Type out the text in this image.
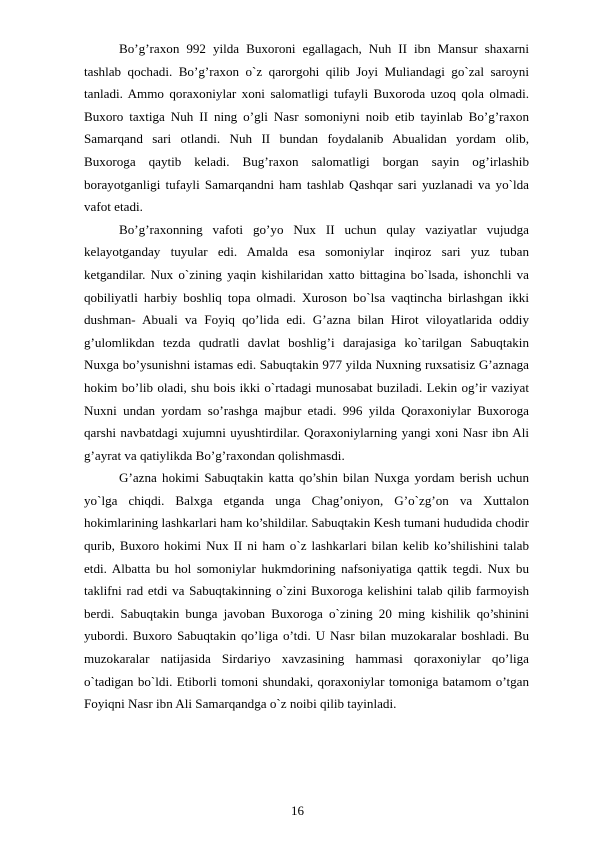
Bo’g’raxon 992 yilda Buxoroni egallagach, Nuh II ibn Mansur shaxarni tashlab qochadi. Bo’g’raxon o`z qarorgohi qilib Joyi Muliandagi go`zal saroyni tanladi. Ammo qoraxoniylar xoni salomatligi tufayli Buxoroda uzoq qola olmadi. Buxoro taxtiga Nuh II ning o’gli Nasr somoniyni noib etib tayinlab Bo’g’raxon Samarqand sari otlandi. Nuh II bundan foydalanib Abualidan yordam olib, Buxoroga qaytib keladi. Bug’raxon salomatligi borgan sayin og’irlashib borayotganligi tufayli Samarqandni ham tashlab Qashqar sari yuzlanadi va yo`lda vafot etadi.

Bo’g’raxonning vafoti go’yo Nux II uchun qulay vaziyatlar vujudga kelayotganday tuyular edi. Amalda esa somoniylar inqiroz sari yuz tuban ketgandilar. Nux o`zining yaqin kishilaridan xatto bittagina bo`lsada, ishonchli va qobiliyatli harbiy boshliq topa olmadi. Xuroson bo`lsa vaqtincha birlashgan ikki dushman- Abuali va Foyiq qo’lida edi. G’azna bilan Hirot viloyatlarida oddiy g’ulomlikdan tezda qudratli davlat boshlig’i darajasiga ko`tarilgan Sabuqtakin Nuxga bo’ysunishni istamas edi. Sabuqtakin 977 yilda Nuxning ruxsatisiz G’aznaga hokim bo’lib oladi, shu bois ikki o`rtadagi munosabat buziladi. Lekin og’ir vaziyat Nuxni undan yordam so’rashga majbur etadi. 996 yilda Qoraxoniylar Buxoroga qarshi navbatdagi xujumni uyushtirdilar. Qoraxoniylarning yangi xoni Nasr ibn Ali g’ayrat va qatiylikda Bo’g’raxondan qolishmasdi.

G’azna hokimi Sabuqtakin katta qo’shin bilan Nuxga yordam berish uchun yo`lga chiqdi. Balxga etganda unga Chag’oniyon, G’o`zg’on va Xuttalon hokimlarining lashkarlari ham ko’shildilar. Sabuqtakin Kesh tumani hududida chodir qurib, Buxoro hokimi Nux II ni ham o`z lashkarlari bilan kelib ko’shilishini talab etdi. Albatta bu hol somoniylar hukmdorining nafsoniyatiga qattik tegdi. Nux bu taklifni rad etdi va Sabuqtakinning o`zini Buxoroga kelishini talab qilib farmoyish berdi. Sabuqtakin bunga javoban Buxoroga o`zining 20 ming kishilik qo’shinini yubordi. Buxoro Sabuqtakin qo’liga o’tdi. U Nasr bilan muzokaralar boshladi. Bu muzokaralar natijasida Sirdariyo xavzasining hammasi qoraxoniylar qo’liga o`tadigan bo`ldi. Etiborli tomoni shundaki, qoraxoniylar tomoniga batamom o’tgan Foyiqni Nasr ibn Ali Samarqandga o`z noibi qilib tayinladi.

16
